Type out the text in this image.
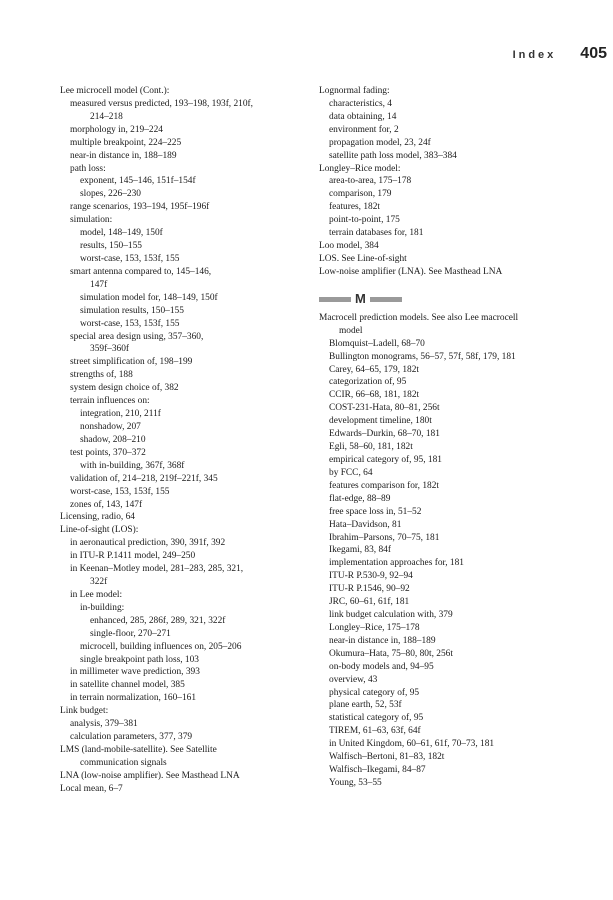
Index 405
Lee microcell model (Cont.):
measured versus predicted, 193–198, 193f, 210f,
214–218
morphology in, 219–224
multiple breakpoint, 224–225
near-in distance in, 188–189
path loss:
exponent, 145–146, 151f–154f
slopes, 226–230
range scenarios, 193–194, 195f–196f
simulation:
model, 148–149, 150f
results, 150–155
worst-case, 153, 153f, 155
smart antenna compared to, 145–146,
147f
simulation model for, 148–149, 150f
simulation results, 150–155
worst-case, 153, 153f, 155
special area design using, 357–360,
359f–360f
street simplification of, 198–199
strengths of, 188
system design choice of, 382
terrain influences on:
integration, 210, 211f
nonshadow, 207
shadow, 208–210
test points, 370–372
with in-building, 367f, 368f
validation of, 214–218, 219f–221f, 345
worst-case, 153, 153f, 155
zones of, 143, 147f
Licensing, radio, 64
Line-of-sight (LOS):
in aeronautical prediction, 390, 391f, 392
in ITU-R P.1411 model, 249–250
in Keenan–Motley model, 281–283, 285, 321,
322f
in Lee model:
in-building:
enhanced, 285, 286f, 289, 321, 322f
single-floor, 270–271
microcell, building influences on, 205–206
single breakpoint path loss, 103
in millimeter wave prediction, 393
in satellite channel model, 385
in terrain normalization, 160–161
Link budget:
analysis, 379–381
calculation parameters, 377, 379
LMS (land-mobile-satellite). See Satellite
communication signals
LNA (low-noise amplifier). See Masthead LNA
Local mean, 6–7
Lognormal fading:
characteristics, 4
data obtaining, 14
environment for, 2
propagation model, 23, 24f
satellite path loss model, 383–384
Longley–Rice model:
area-to-area, 175–178
comparison, 179
features, 182t
point-to-point, 175
terrain databases for, 181
Loo model, 384
LOS. See Line-of-sight
Low-noise amplifier (LNA). See Masthead LNA
M
Macrocell prediction models. See also Lee macrocell
model
Blomquist–Ladell, 68–70
Bullington monograms, 56–57, 57f, 58f, 179, 181
Carey, 64–65, 179, 182t
categorization of, 95
CCIR, 66–68, 181, 182t
COST-231-Hata, 80–81, 256t
development timeline, 180t
Edwards–Durkin, 68–70, 181
Egli, 58–60, 181, 182t
empirical category of, 95, 181
by FCC, 64
features comparison for, 182t
flat-edge, 88–89
free space loss in, 51–52
Hata–Davidson, 81
Ibrahim–Parsons, 70–75, 181
Ikegami, 83, 84f
implementation approaches for, 181
ITU-R P.530-9, 92–94
ITU-R P.1546, 90–92
JRC, 60–61, 61f, 181
link budget calculation with, 379
Longley–Rice, 175–178
near-in distance in, 188–189
Okumura–Hata, 75–80, 80t, 256t
on-body models and, 94–95
overview, 43
physical category of, 95
plane earth, 52, 53f
statistical category of, 95
TIREM, 61–63, 63f, 64f
in United Kingdom, 60–61, 61f, 70–73, 181
Walfisch–Bertoni, 81–83, 182t
Walfisch–Ikegami, 84–87
Young, 53–55
